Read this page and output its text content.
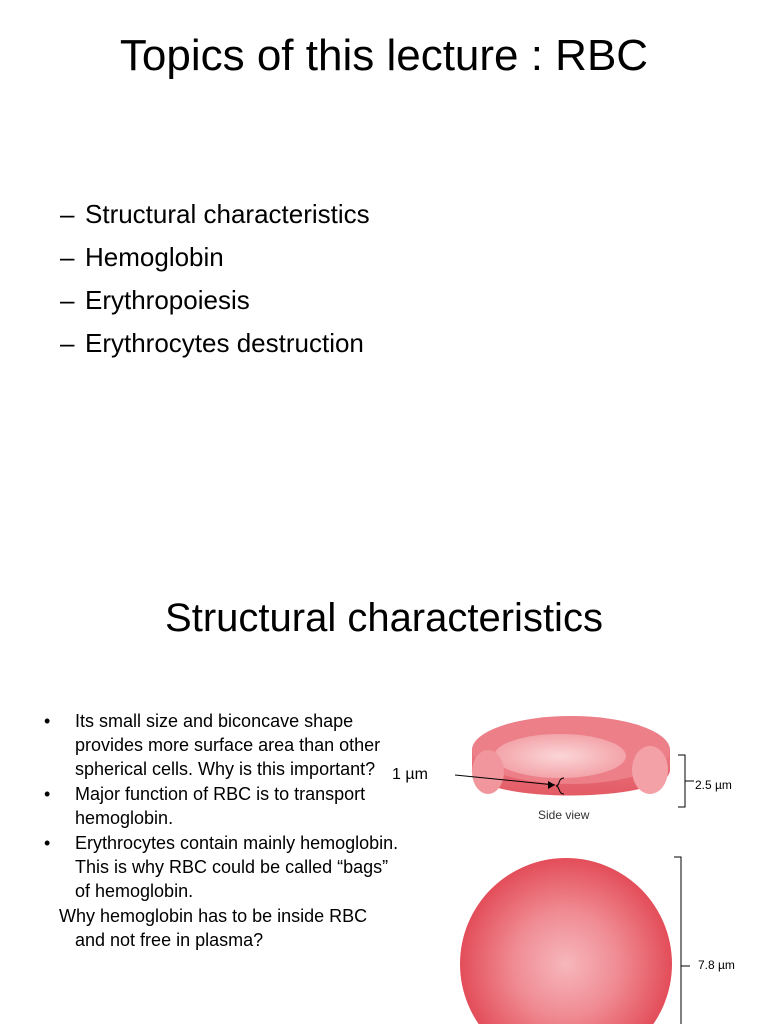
Topics of this lecture : RBC
– Structural characteristics
– Hemoglobin
– Erythropoiesis
– Erythrocytes destruction
Structural characteristics
• Its small size and biconcave shape provides more surface area than other spherical cells. Why is this important?
• Major function of RBC is to transport hemoglobin.
• Erythrocytes contain mainly hemoglobin. This is why RBC could be called “bags” of hemoglobin.
Why hemoglobin has to be inside RBC and not free in plasma?
1 µm
2.5 µm
Side view
7.8 µm
